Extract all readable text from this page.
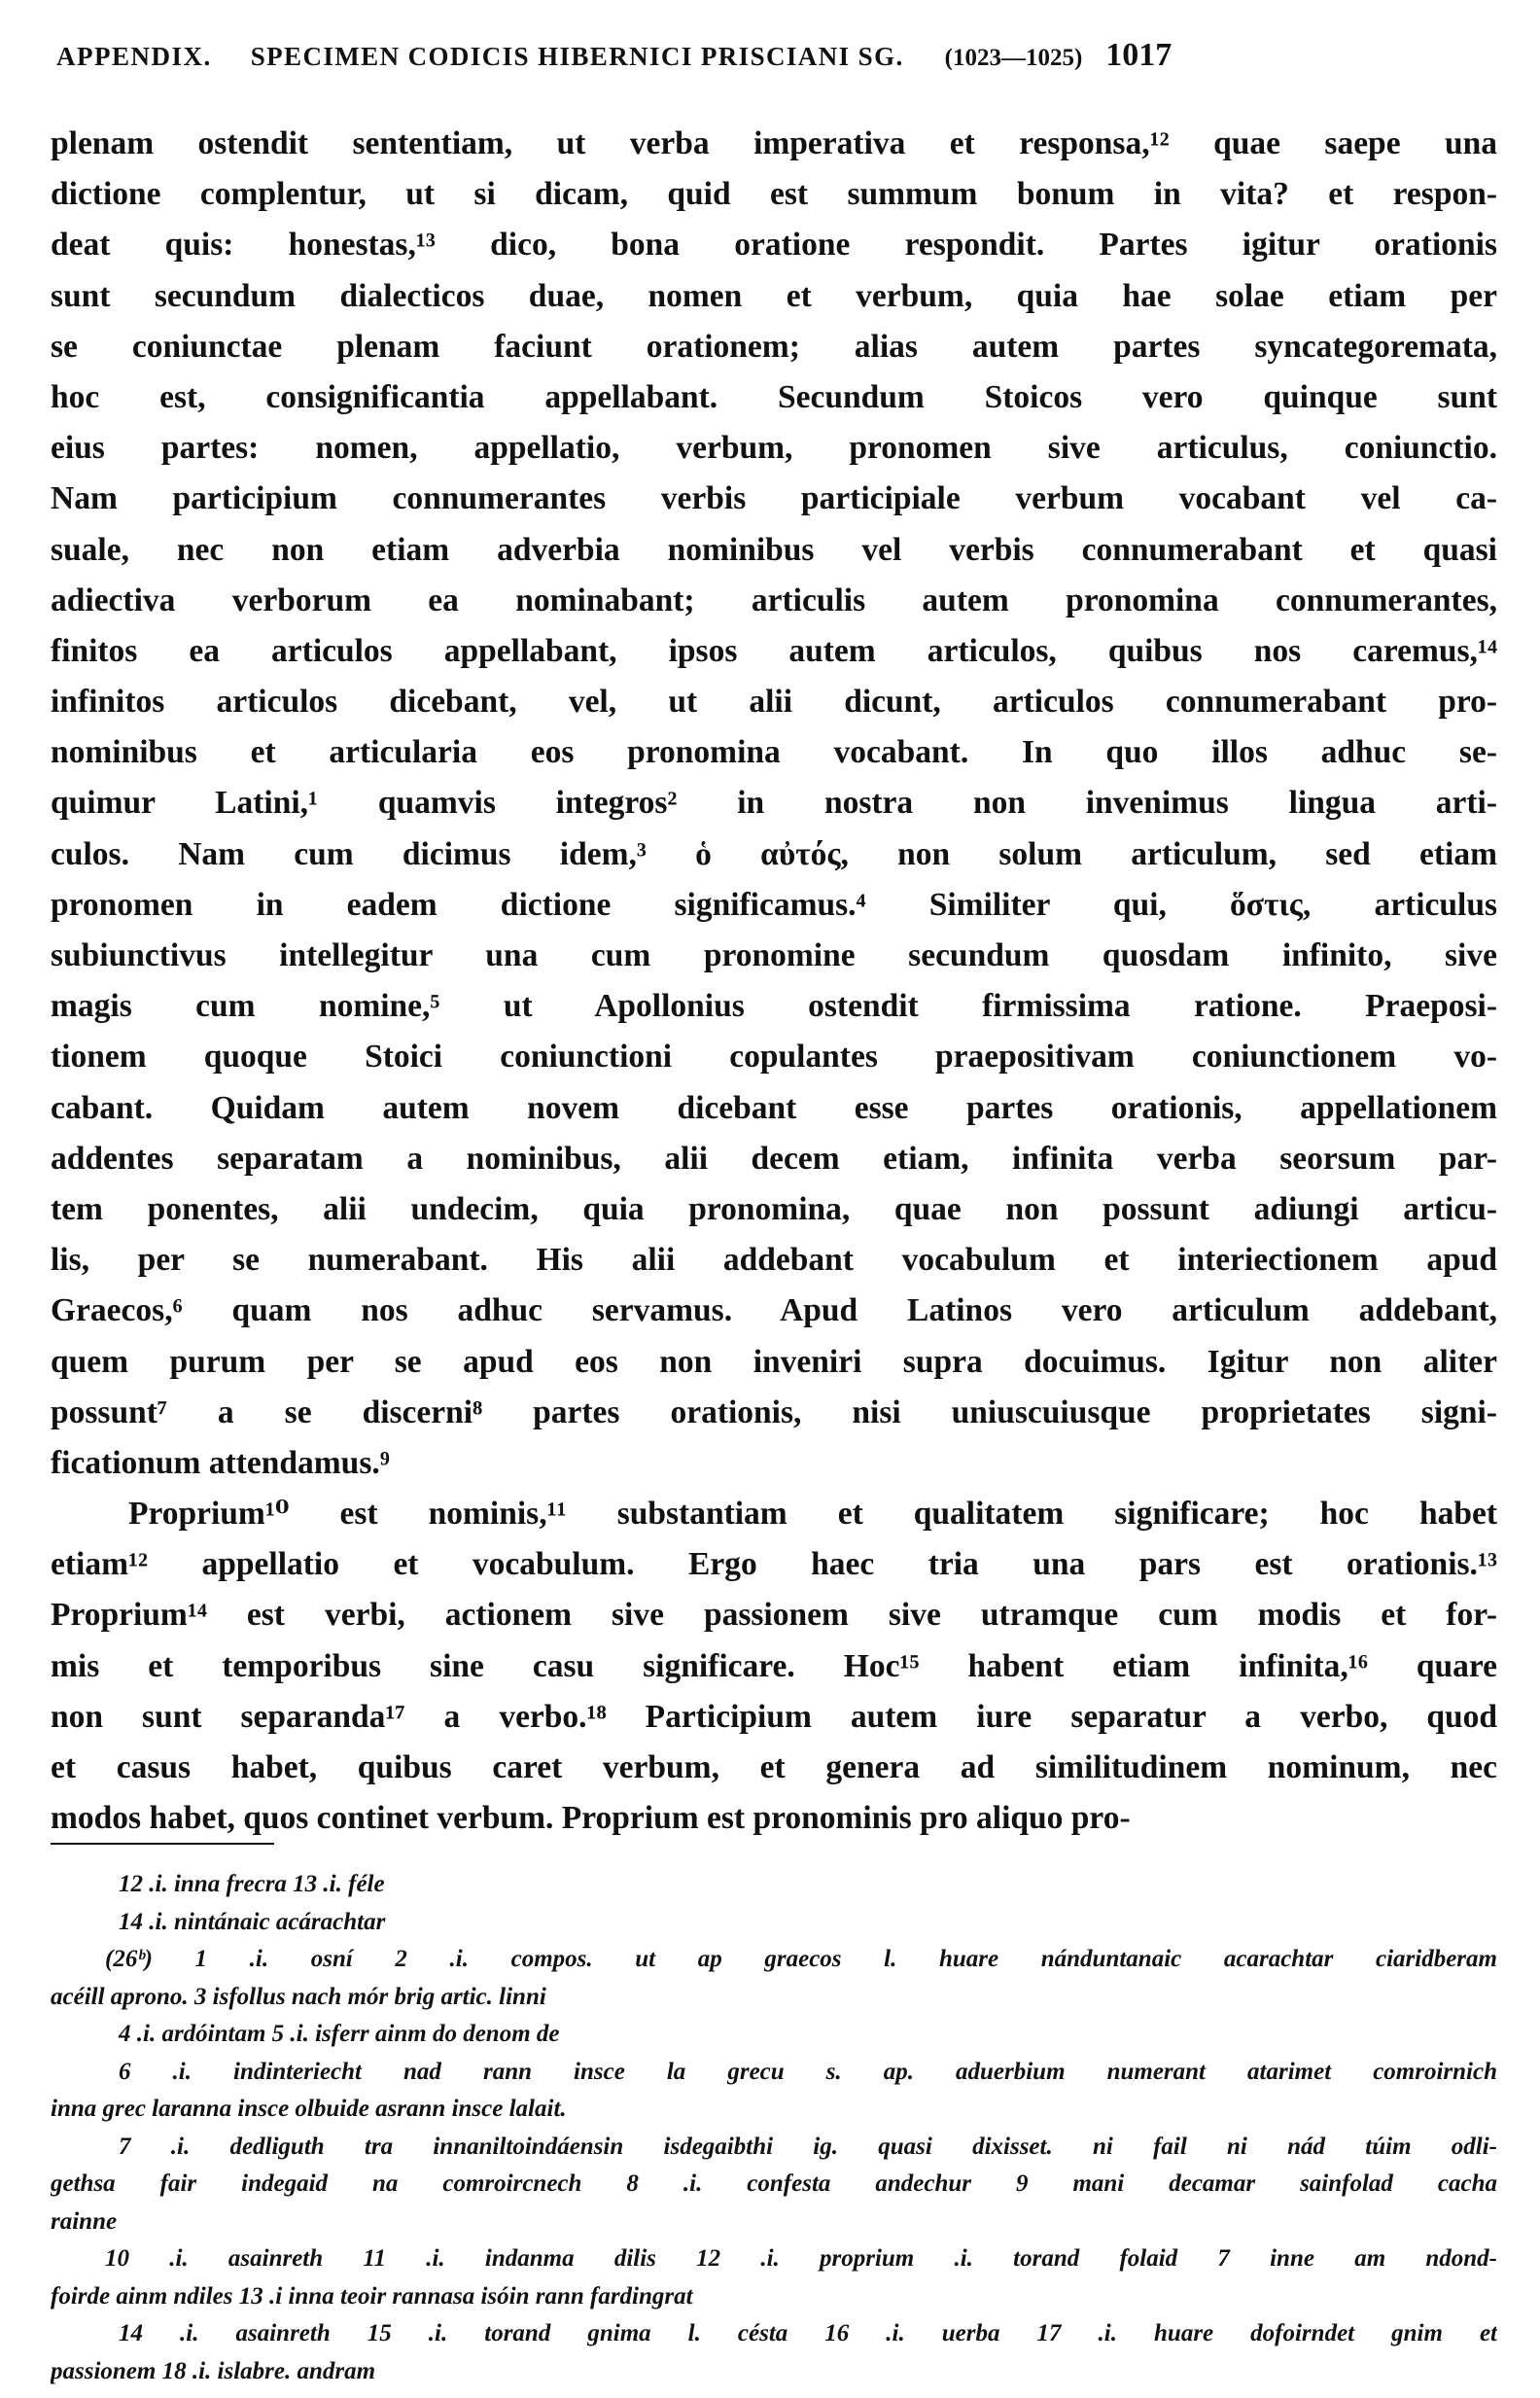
APPENDIX. SPECIMEN CODICIS HIBERNICI PRISCIANI SG. (1023—1025) 1017
plenam ostendit sententiam, ut verba imperativa et responsa,¹² quae saepe una
dictione complentur, ut si dicam, quid est summum bonum in vita? et respon-
deat quis: honestas,¹³ dico, bona oratione respondit. Partes igitur orationis
sunt secundum dialecticos duae, nomen et verbum, quia hae solae etiam per
se coniunctae plenam faciunt orationem; alias autem partes syncategoremata,
hoc est, consignificantia appellabant. Secundum Stoicos vero quinque sunt
eius partes: nomen, appellatio, verbum, pronomen sive articulus, coniunctio.
Nam participium connumerantes verbis participiale verbum vocabant vel ca-
suale, nec non etiam adverbia nominibus vel verbis connumerabant et quasi
adiectiva verborum ea nominabant; articulis autem pronomina connumerantes,
finitos ea articulos appellabant, ipsos autem articulos, quibus nos caremus,¹⁴
infinitos articulos dicebant, vel, ut alii dicunt, articulos connumerabant pro-
nominibus et articularia eos pronomina vocabant. In quo illos adhuc se-
quimur Latini,¹ quamvis integros² in nostra non invenimus lingua arti-
culos. Nam cum dicimus idem,³ ὁ αὐτός, non solum articulum, sed etiam
pronomen in eadem dictione significamus.⁴ Similiter qui, ὅστις, articulus
subiunctivus intellegitur una cum pronomine secundum quosdam infinito, sive
magis cum nomine,⁵ ut Apollonius ostendit firmissima ratione. Praeposi-
tionem quoque Stoici coniunctioni copulantes praepositivam coniunctionem vo-
cabant. Quidam autem novem dicebant esse partes orationis, appellationem
addentes separatam a nominibus, alii decem etiam, infinita verba seorsum par-
tem ponentes, alii undecim, quia pronomina, quae non possunt adiungi articu-
lis, per se numerabant. His alii addebant vocabulum et interiectionem apud
Graecos,⁶ quam nos adhuc servamus. Apud Latinos vero articulum addebant,
quem purum per se apud eos non inveniri supra docuimus. Igitur non aliter
possunt⁷ a se discerni⁸ partes orationis, nisi uniuscuiusque proprietates signi-
ficationum attendamus.⁹
Proprium¹⁰ est nominis,¹¹ substantiam et qualitatem significare; hoc habet
etiam¹² appellatio et vocabulum. Ergo haec tria una pars est orationis.¹³
Proprium¹⁴ est verbi, actionem sive passionem sive utramque cum modis et for-
mis et temporibus sine casu significare. Hoc¹⁵ habent etiam infinita,¹⁶ quare
non sunt separanda¹⁷ a verbo.¹⁸ Participium autem iure separatur a verbo, quod
et casus habet, quibus caret verbum, et genera ad similitudinem nominum, nec
modos habet, quos continet verbum. Proprium est pronominis pro aliquo pro-
12 .i. inna frecra 13 .i. féle
14 .i. nintánaic acárachtar
(26ᵇ) 1 .i. osní 2 .i. compos. ut ap graecos l. huare nánduntanaic acarachtar ciaridberam
acéill aprono. 3 isfollus nach mór brig artic. linni
4 .i. ardóintam 5 .i. isferr ainm do denom de
6 .i. indinteriecht nad rann insce la grecu s. ap. aduerbium numerant atarimet comroirnich
inna grec laranna insce olbuide asrann insce lalait.
7 .i. dedliguth tra innaniltoindáensin isdegaibthi ig. quasi dixisset. ni fail ni nád túim odli-
gethsa fair indegaid na comroircnech 8 .i. confesta andechur 9 mani decamar sainfolad cacha
rainne
10 .i. asainreth 11 .i. indanma dilis 12 .i. proprium .i. torand folaid 7 inne am ndond-
foirde ainm ndiles 13 .i inna teoir rannasa isóin rann fardingrat
14 .i. asainreth 15 .i. torand gnima l. césta 16 .i. uerba 17 .i. huare dofoirndet gnim et
passionem 18 .i. islabre. andram
